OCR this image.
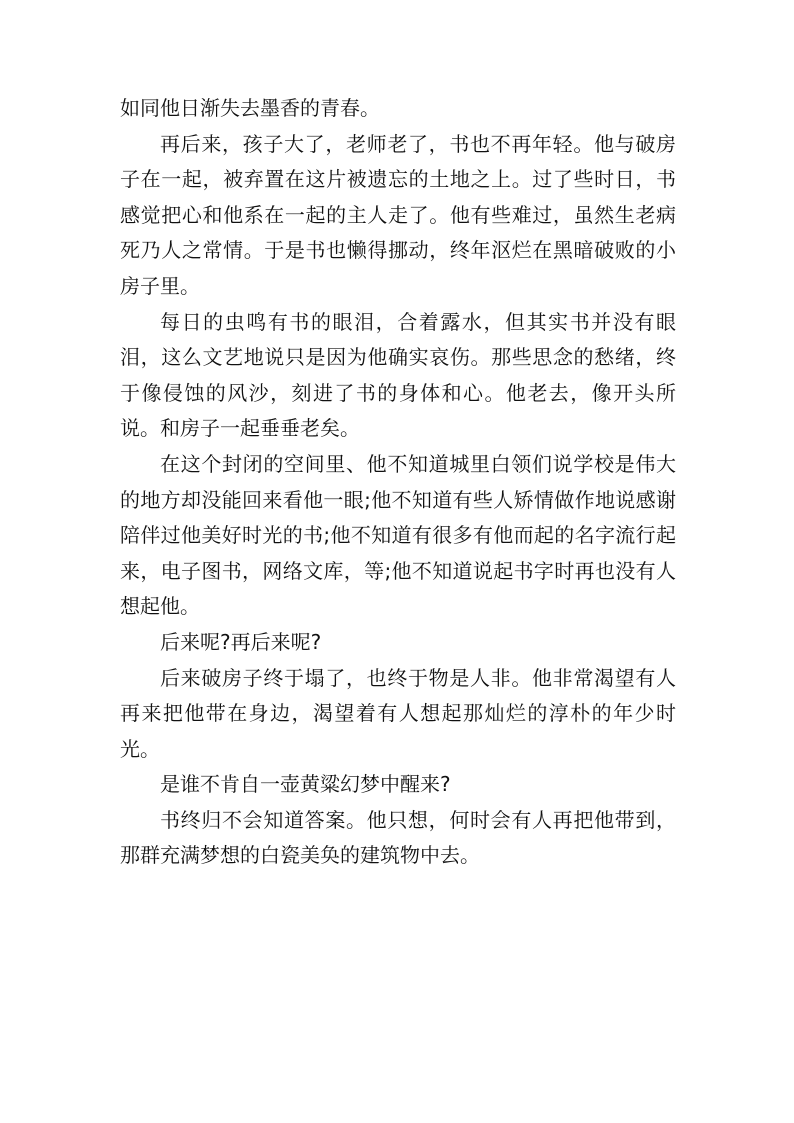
如同他日渐失去墨香的青春。

再后来，孩子大了，老师老了，书也不再年轻。他与破房子在一起，被弃置在这片被遗忘的土地之上。过了些时日，书感觉把心和他系在一起的主人走了。他有些难过，虽然生老病死乃人之常情。于是书也懒得挪动，终年沤烂在黑暗破败的小房子里。

每日的虫鸣有书的眼泪，合着露水，但其实书并没有眼泪，这么文艺地说只是因为他确实哀伤。那些思念的愁绪，终于像侵蚀的风沙，刻进了书的身体和心。他老去，像开头所说。和房子一起垂垂老矣。

在这个封闭的空间里、他不知道城里白领们说学校是伟大的地方却没能回来看他一眼;他不知道有些人矫情做作地说感谢陪伴过他美好时光的书;他不知道有很多有他而起的名字流行起来，电子图书，网络文库，等;他不知道说起书字时再也没有人想起他。

后来呢?再后来呢?

后来破房子终于塌了，也终于物是人非。他非常渴望有人再来把他带在身边，渴望着有人想起那灿烂的淳朴的年少时光。

是谁不肯自一壶黄粱幻梦中醒来?

书终归不会知道答案。他只想，何时会有人再把他带到，那群充满梦想的白瓷美奂的建筑物中去。
